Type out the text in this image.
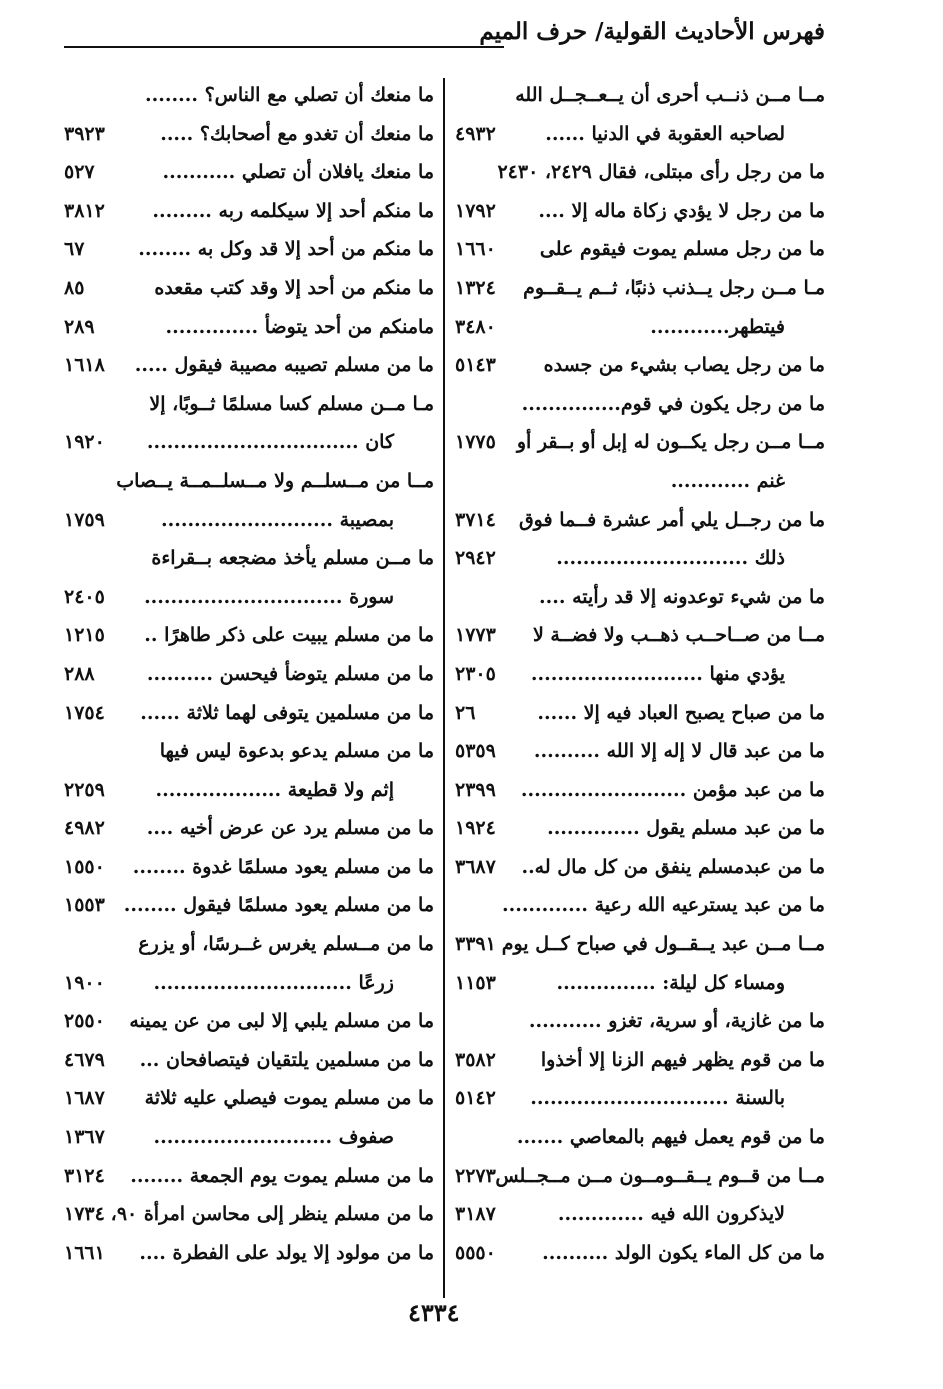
فهرس الأحاديث القولية/ حرف الميم
مــا مــن ذنــب أحرى أن يــعــجــل الله
لصاحبه العقوبة في الدنيا ......
٤٩٣٢
ما من رجل رأى مبتلى، فقال ٢٤٢٩، ٢٤٣٠
ما من رجل لا يؤدي زكاة ماله إلا ....
١٧٩٢
ما من رجل مسلم يموت فيقوم على
١٦٦٠
مـا مــن رجل يــذنب ذنبًا، ثــم يــقــوم
١٣٢٤
فيتطهر............
٣٤٨٠
ما من رجل يصاب بشيء من جسده
٥١٤٣
ما من رجل يكون في قوم...............
مــا مــن رجل يكــون له إبل أو بــقر أو
١٧٧٥
غنم ............
ما من رجــل يلي أمر عشرة فــما فوق
٣٧١٤
ذلك .............................
٢٩٤٢
ما من شيء توعدونه إلا قد رأيته ....
مــا من صــاحــب ذهــب ولا فضــة لا
١٧٧٣
يؤدي منها ..........................
٢٣٠٥
ما من صباح يصبح العباد فيه إلا ......
٢٦
ما من عبد قال لا إله إلا الله ..........
٥٣٥٩
ما من عبد مؤمن .........................
٢٣٩٩
ما من عبد مسلم يقول ..............
١٩٢٤
ما من عبدمسلم ينفق من كل مال له..
٣٦٨٧
ما من عبد يسترعيه الله رعية .............
مــا مــن عبد يــقــول في صباح كــل يوم
٣٣٩١
ومساء كل ليلة: ...............
١١٥٣
ما من غازية، أو سرية، تغزو ...........
ما من قوم يظهر فيهم الزنا إلا أخذوا
٣٥٨٢
بالسنة ..............................
٥١٤٢
ما من قوم يعمل فيهم بالمعاصي .......
مــا من قــوم يــقــومــون مــن مــجــلس
٢٢٧٣
لايذكرون الله فيه .............
٣١٨٧
ما من كل الماء يكون الولد ..........
٥٥٥٠
ما منعك أن تصلي مع الناس؟ ........
ما منعك أن تغدو مع أصحابك؟ .....
٣٩٢٣
ما منعك يافلان أن تصلي ...........
٥٢٧
ما منكم أحد إلا سيكلمه ربه .........
٣٨١٢
ما منكم من أحد إلا قد وكل به ........
٦٧
ما منكم من أحد إلا وقد كتب مقعده
٨٥
مامنكم من أحد يتوضأ ..............
٢٨٩
ما من مسلم تصيبه مصيبة فيقول .....
١٦١٨
مـا مــن مسلم كسا مسلمًا ثــوبًا، إلا
كان ................................
١٩٢٠
مــا من مــسلــم ولا مــسلــمــة يــصاب
بمصيبة ..........................
١٧٥٩
ما مــن مسلم يأخذ مضجعه بــقراءة
سورة ..............................
٢٤٠٥
ما من مسلم يبيت على ذكر طاهرًا ..
١٢١٥
ما من مسلم يتوضأ فيحسن ..........
٢٨٨
ما من مسلمين يتوفى لهما ثلاثة ......
١٧٥٤
ما من مسلم يدعو بدعوة ليس فيها
إثم ولا قطيعة ...................
٢٢٥٩
ما من مسلم يرد عن عرض أخيه ....
٤٩٨٢
ما من مسلم يعود مسلمًا غدوة ........
١٥٥٠
ما من مسلم يعود مسلمًا فيقول ........
١٥٥٣
ما من مــسلم يغرس غــرسًا، أو يزرع
زرعًا ..............................
١٩٠٠
ما من مسلم يلبي إلا لبى من عن يمينه
٢٥٥٠
ما من مسلمين يلتقيان فيتصافحان ...
٤٦٧٩
ما من مسلم يموت فيصلي عليه ثلاثة
١٦٨٧
صفوف ...........................
١٣٦٧
ما من مسلم يموت يوم الجمعة ........
٣١٢٤
ما من مسلم ينظر إلى محاسن امرأة ٩٠،
١٧٣٤
ما من مولود إلا يولد على الفطرة ....
١٦٦١
٤٣٣٤
